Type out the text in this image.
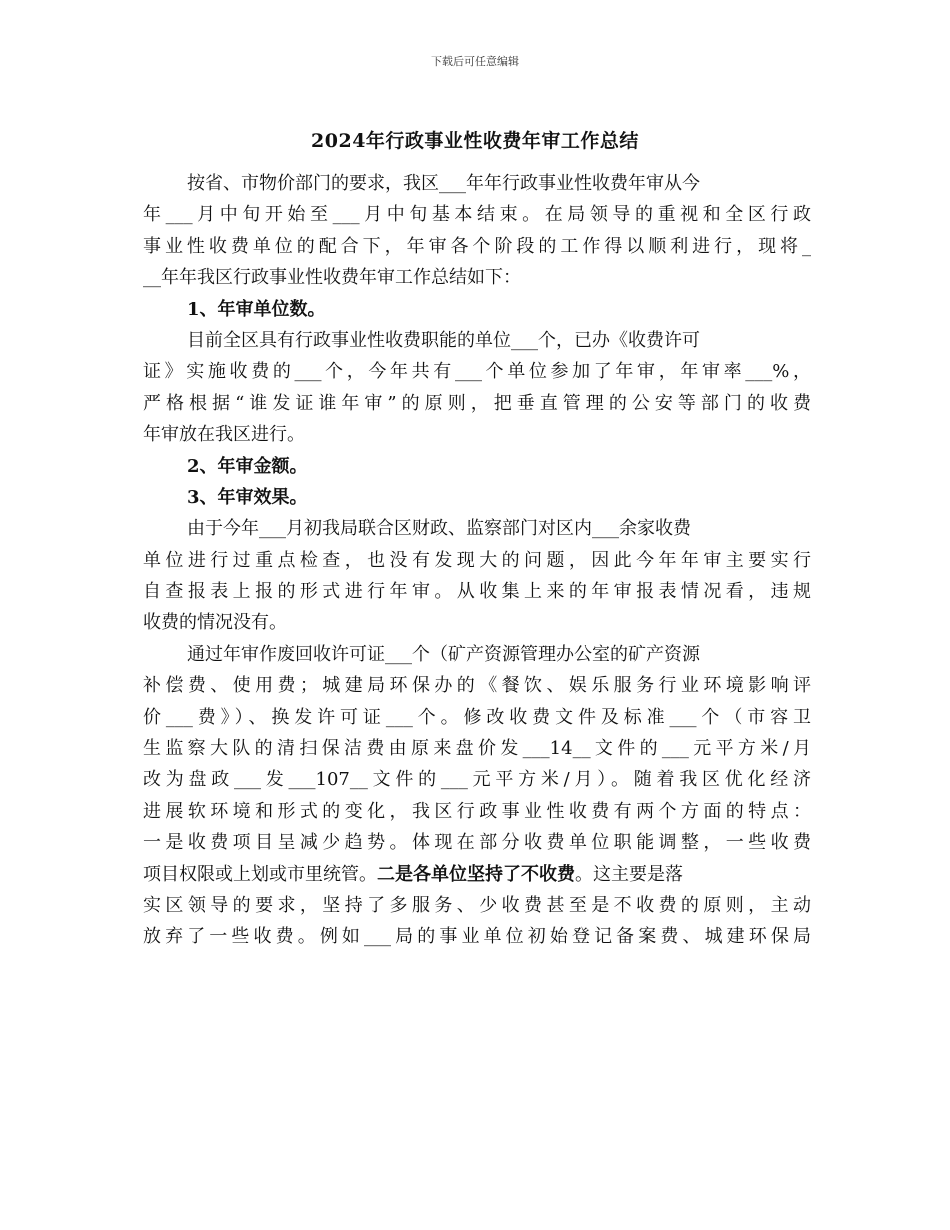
下载后可任意编辑
2024年行政事业性收费年审工作总结
按省、市物价部门的要求，我区___年年行政事业性收费年审从今
年___月中旬开始至___月中旬基本结束。在局领导的重视和全区行政
事业性收费单位的配合下，年审各个阶段的工作得以顺利进行，现将_
__年年我区行政事业性收费年审工作总结如下：
1、年审单位数。
目前全区具有行政事业性收费职能的单位___个，已办《收费许可
证》实施收费的___个，今年共有___个单位参加了年审，年审率___%，
严格根据“谁发证谁年审”的原则，把垂直管理的公安等部门的收费
年审放在我区进行。
2、年审金额。
3、年审效果。
由于今年___月初我局联合区财政、监察部门对区内___余家收费
单位进行过重点检查，也没有发现大的问题，因此今年年审主要实行
自查报表上报的形式进行年审。从收集上来的年审报表情况看，违规
收费的情况没有。
通过年审作废回收许可证___个（矿产资源管理办公室的矿产资源
补偿费、使用费；城建局环保办的《餐饮、娱乐服务行业环境影响评
价___费》）、换发许可证___个。修改收费文件及标准___个（市容卫
生监察大队的清扫保洁费由原来盘价发___14__文件的___元平方米/月
改为盘政___发___107__文件的___元平方米/月）。随着我区优化经济
进展软环境和形式的变化，我区行政事业性收费有两个方面的特点：
一是收费项目呈减少趋势。体现在部分收费单位职能调整，一些收费
项目权限或上划或市里统管。二是各单位坚持了不收费。这主要是落
实区领导的要求，坚持了多服务、少收费甚至是不收费的原则，主动
放弃了一些收费。例如___局的事业单位初始登记备案费、城建环保局
